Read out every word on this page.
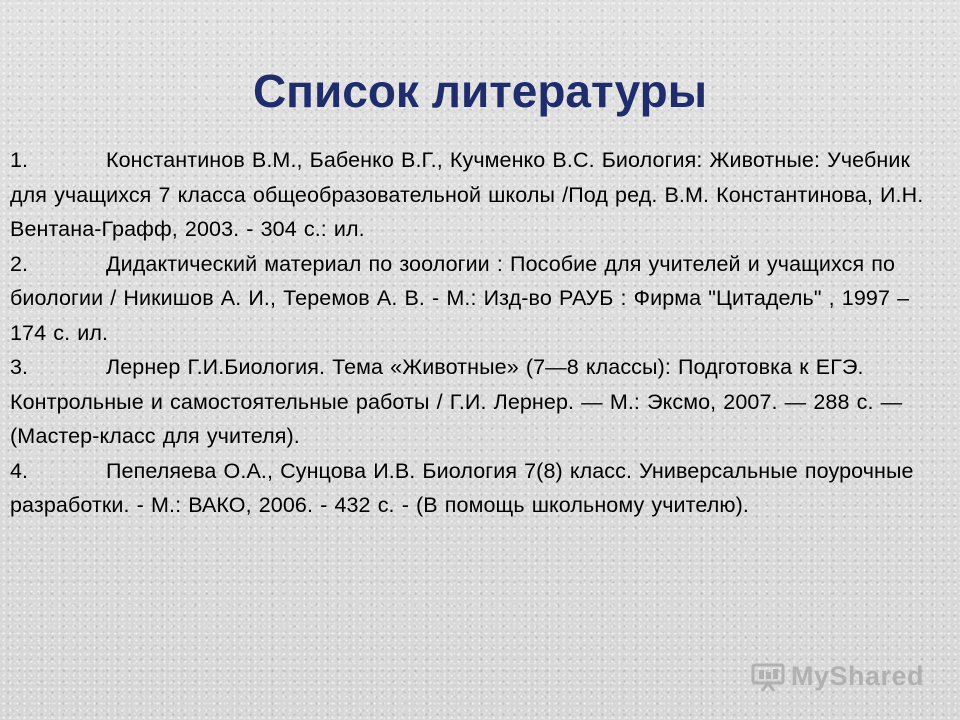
Список литературы
1.	Константинов В.М., Бабенко В.Г., Кучменко В.С. Биология: Животные: Учебник для учащихся 7 класса общеобразовательной школы /Под ред. В.М. Константинова, И.Н. Вентана-Графф, 2003. - 304 с.: ил.
2.	Дидактический материал по зоологии : Пособие для учителей и учащихся по биологии / Никишов А. И., Теремов А. В. - М.: Изд-во РАУБ : Фирма "Цитадель" , 1997 – 174 с. ил.
3.	Лернер Г.И.Биология. Тема «Животные» (7—8 классы): Подготовка к ЕГЭ. Контрольные и самостоятельные работы / Г.И. Лернер. — М.: Эксмо, 2007. — 288 с. — (Мастер-класс для учителя).
4.	Пепеляева О.А., Сунцова И.В. Биология 7(8) класс. Универсальные поурочные разработки. - М.: ВАКО, 2006. - 432 с. - (В помощь школьному учителю).
MyShared
